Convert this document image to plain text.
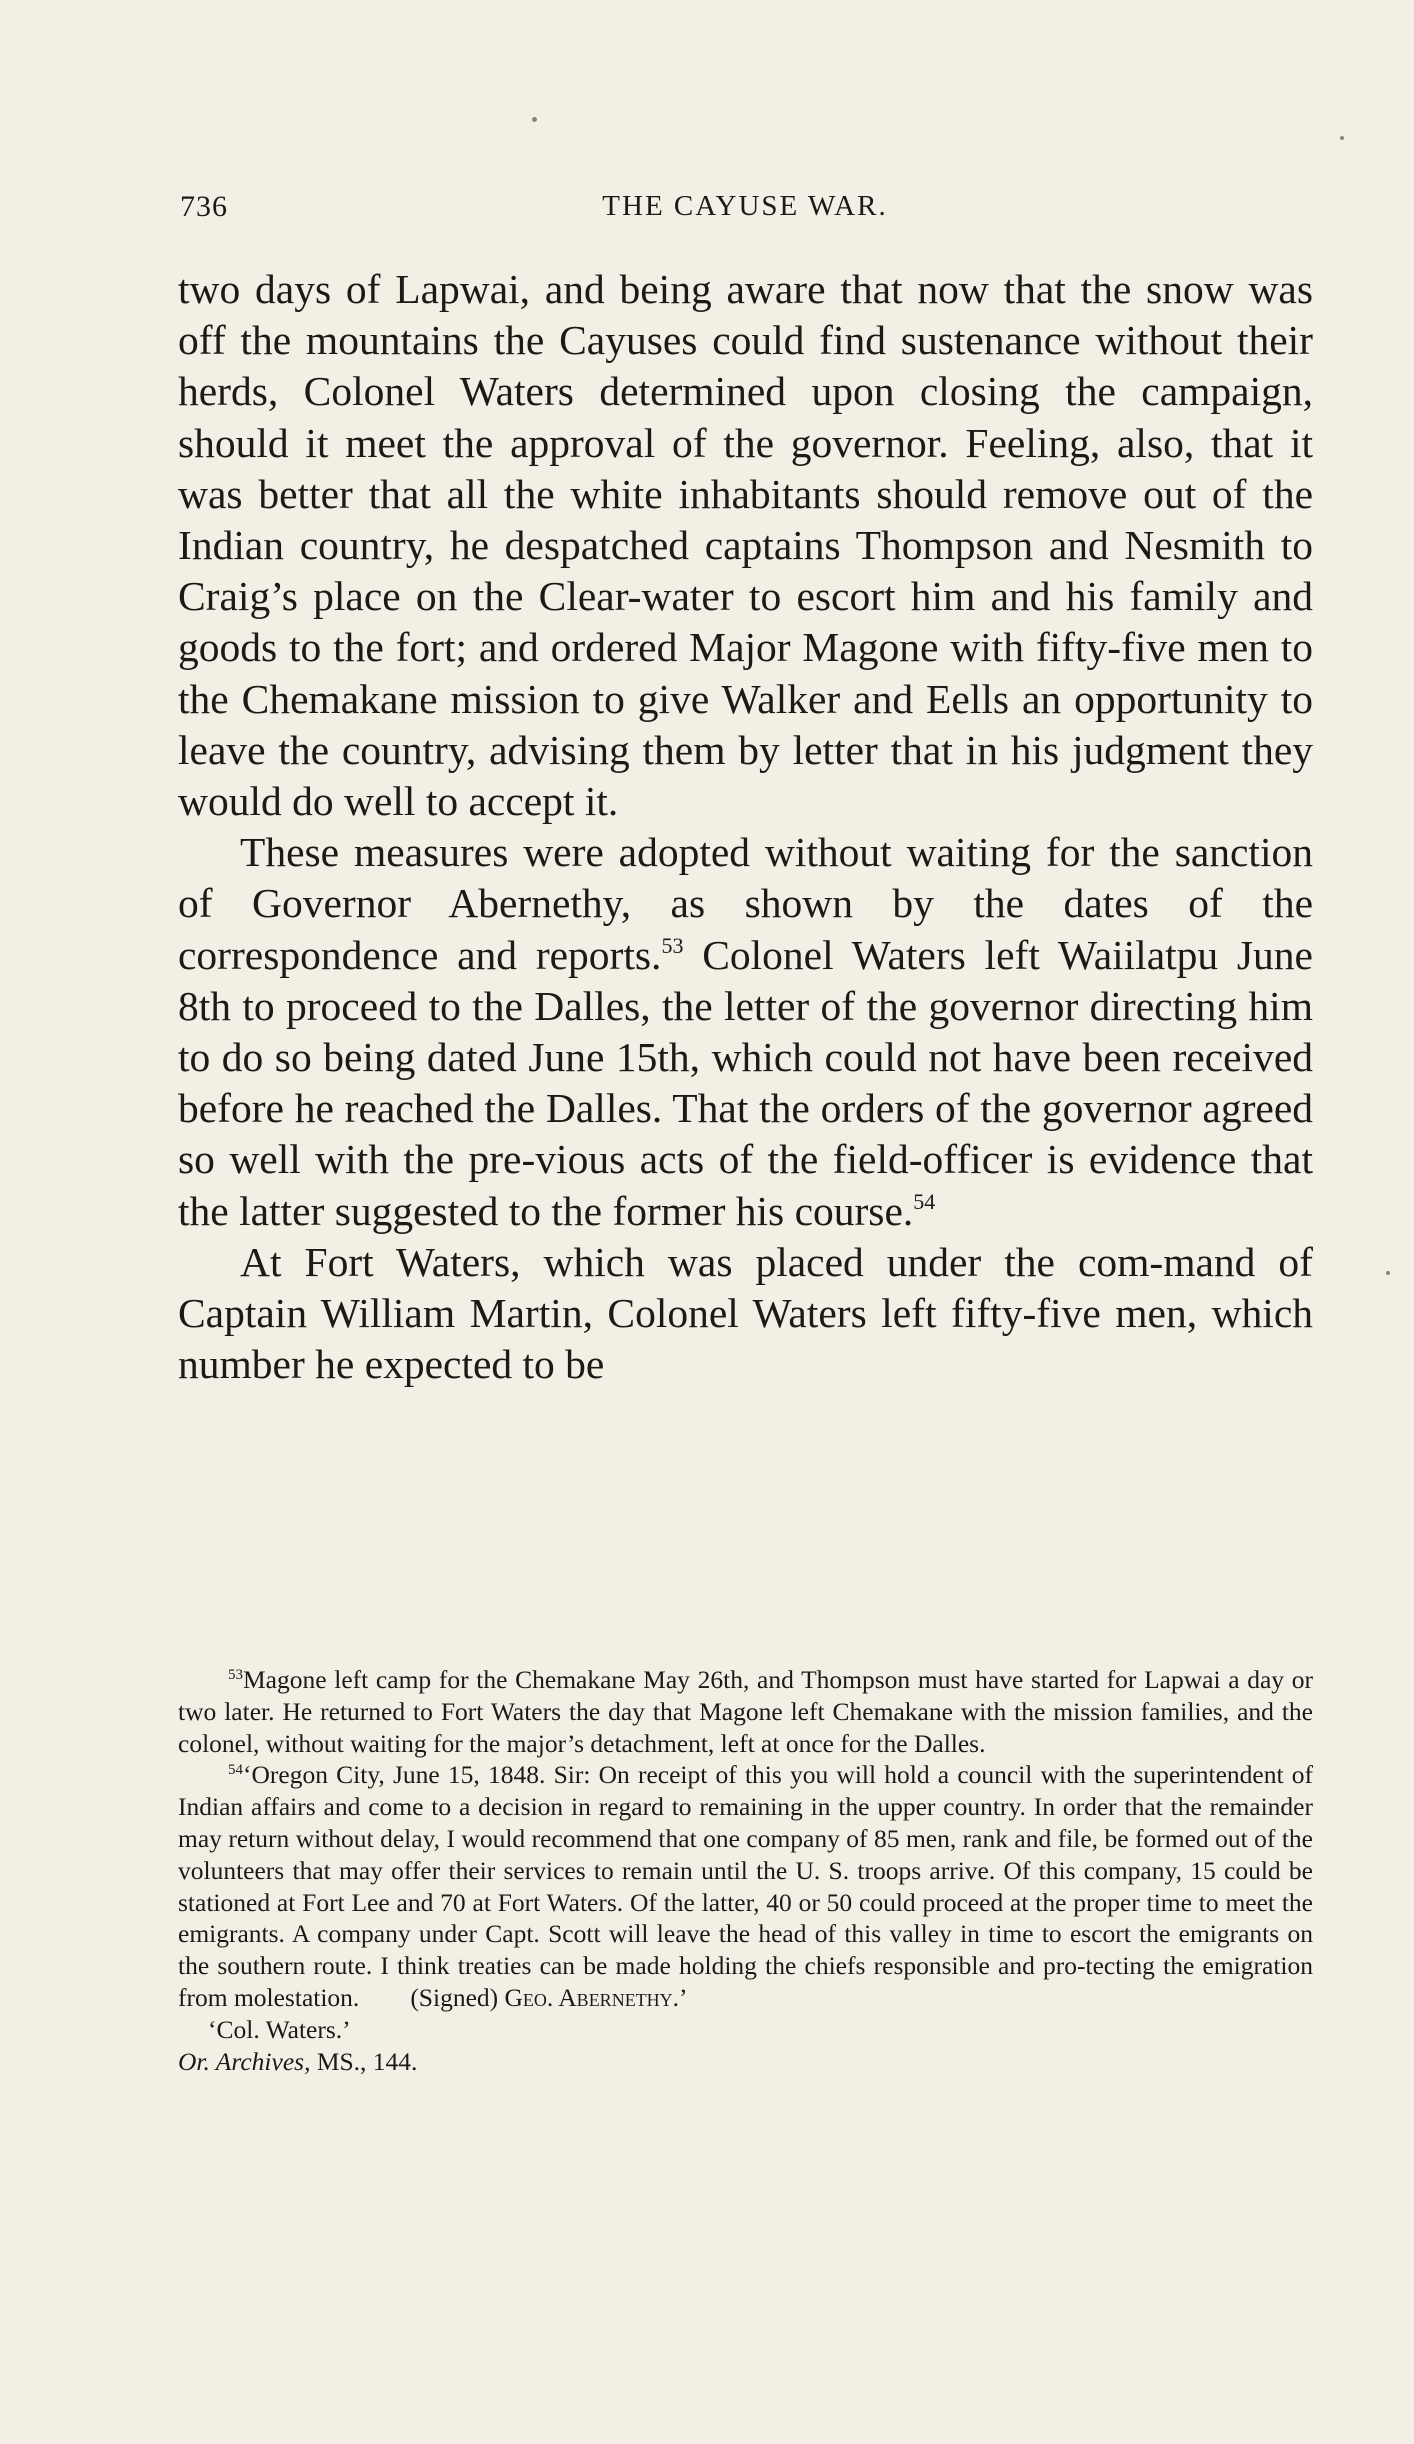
736	THE CAYUSE WAR.

two days of Lapwai, and being aware that now that the snow was off the mountains the Cayuses could find sustenance without their herds, Colonel Waters determined upon closing the campaign, should it meet the approval of the governor. Feeling, also, that it was better that all the white inhabitants should remove out of the Indian country, he despatched captains Thompson and Nesmith to Craig’s place on the Clear-water to escort him and his family and goods to the fort; and ordered Major Magone with fifty-five men to the Chemakane mission to give Walker and Eells an opportunity to leave the country, advising them by letter that in his judgment they would do well to accept it.

These measures were adopted without waiting for the sanction of Governor Abernethy, as shown by the dates of the correspondence and reports.$^{53}$ Colonel Waters left Waiilatpu June 8th to proceed to the Dalles, the letter of the governor directing him to do so being dated June 15th, which could not have been received before he reached the Dalles. That the orders of the governor agreed so well with the pre-vious acts of the field-officer is evidence that the latter suggested to the former his course.$^{54}$

At Fort Waters, which was placed under the com-mand of Captain William Martin, Colonel Waters left fifty-five men, which number he expected to be

$^{53}$Magone left camp for the Chemakane May 26th, and Thompson must have started for Lapwai a day or two later. He returned to Fort Waters the day that Magone left Chemakane with the mission families, and the colonel, without waiting for the major’s detachment, left at once for the Dalles.

$^{54}$‘Oregon City, June 15, 1848. Sir: On receipt of this you will hold a council with the superintendent of Indian affairs and come to a decision in regard to remaining in the upper country. In order that the remainder may return without delay, I would recommend that one company of 85 men, rank and file, be formed out of the volunteers that may offer their services to remain until the U. S. troops arrive. Of this company, 15 could be stationed at Fort Lee and 70 at Fort Waters. Of the latter, 40 or 50 could proceed at the proper time to meet the emigrants. A company under Capt. Scott will leave the head of this valley in time to escort the emigrants on the southern route. I think treaties can be made holding the chiefs responsible and pro-tecting the emigration from molestation. (Signed) Geo. Abernethy.’

‘Col. Waters.’

Or. Archives, MS., 144.
